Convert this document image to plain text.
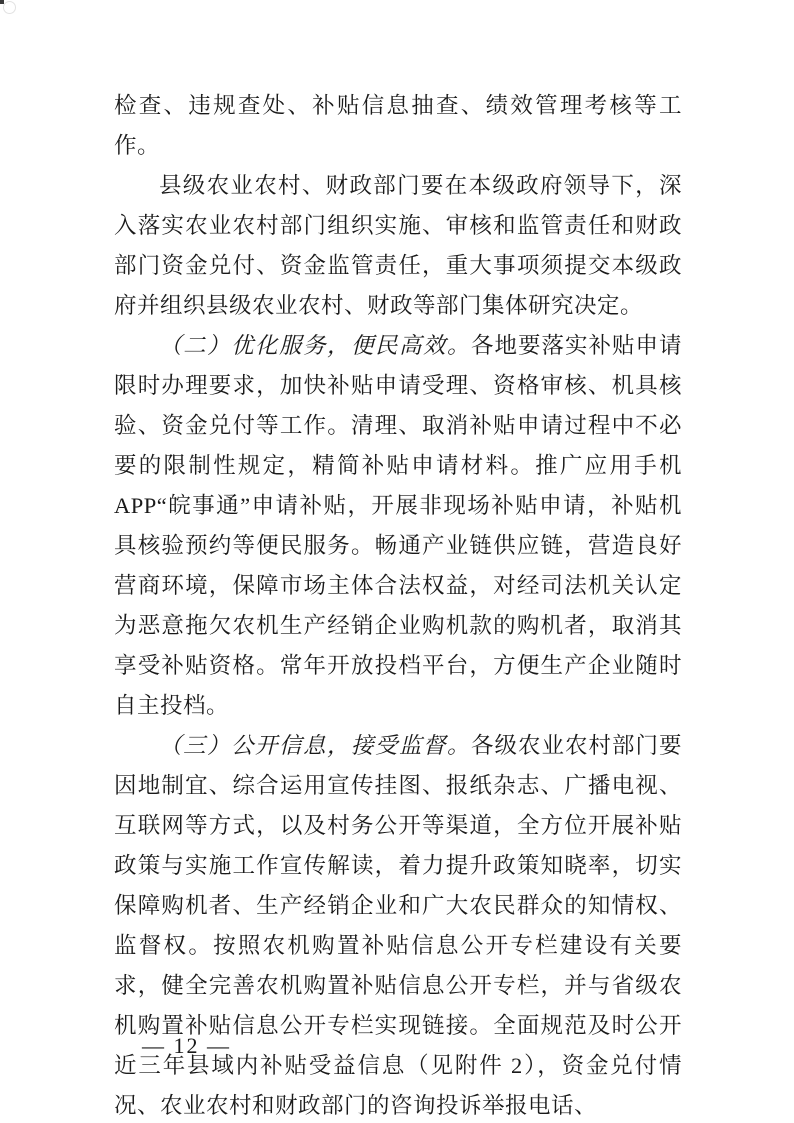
检查、违规查处、补贴信息抽查、绩效管理考核等工作。

县级农业农村、财政部门要在本级政府领导下，深入落实农业农村部门组织实施、审核和监管责任和财政部门资金兑付、资金监管责任，重大事项须提交本级政府并组织县级农业农村、财政等部门集体研究决定。

（二）优化服务，便民高效。各地要落实补贴申请限时办理要求，加快补贴申请受理、资格审核、机具核验、资金兑付等工作。清理、取消补贴申请过程中不必要的限制性规定，精简补贴申请材料。推广应用手机 APP“皖事通”申请补贴，开展非现场补贴申请，补贴机具核验预约等便民服务。畅通产业链供应链，营造良好营商环境，保障市场主体合法权益，对经司法机关认定为恶意拖欠农机生产经销企业购机款的购机者，取消其享受补贴资格。常年开放投档平台，方便生产企业随时自主投档。

（三）公开信息，接受监督。各级农业农村部门要因地制宜、综合运用宣传挂图、报纸杂志、广播电视、互联网等方式，以及村务公开等渠道，全方位开展补贴政策与实施工作宣传解读，着力提升政策知晓率，切实保障购机者、生产经销企业和广大农民群众的知情权、监督权。按照农机购置补贴信息公开专栏建设有关要求，健全完善农机购置补贴信息公开专栏，并与省级农机购置补贴信息公开专栏实现链接。全面规范及时公开近三年县域内补贴受益信息（见附件 2），资金兑付情况、农业农村和财政部门的咨询投诉举报电话、

— 12 —
